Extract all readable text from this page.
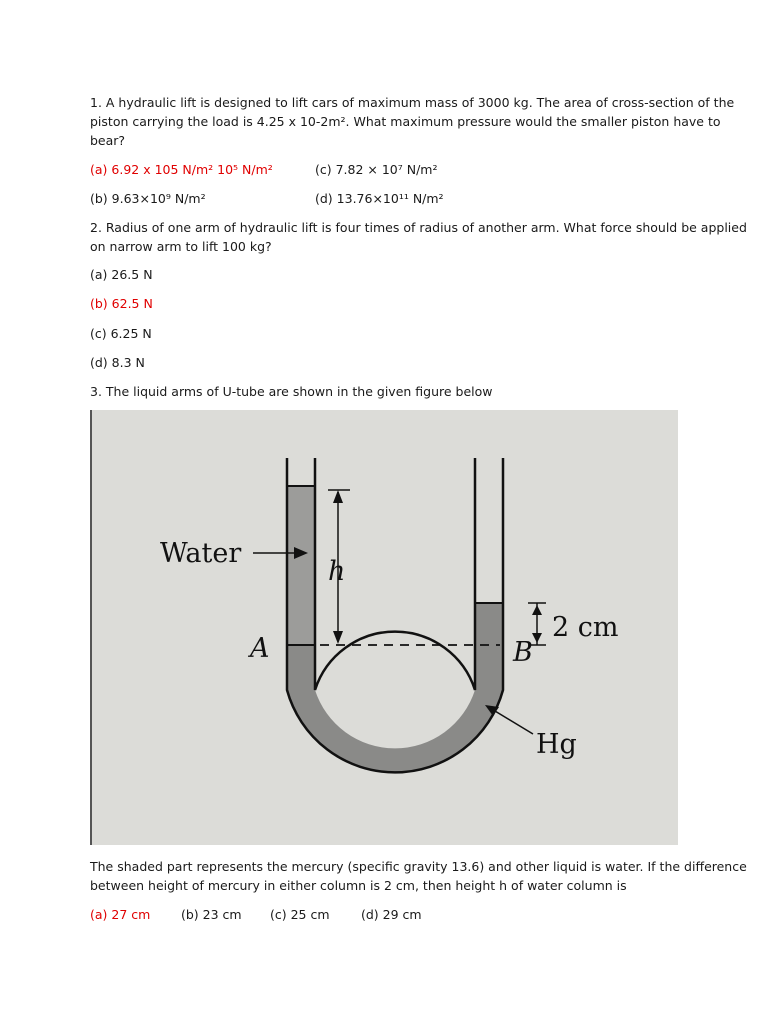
1. A hydraulic lift is designed to lift cars of maximum mass of 3000 kg. The area of cross-section of the
piston carrying the load is 4.25 x 10-2m². What maximum pressure would the smaller piston have to
bear?
(a) 6.92 x 105 N/m² 10⁵ N/m²	(c) 7.82 × 10⁷ N/m²
(b) 9.63×10⁹ N/m²	(d) 13.76×10¹¹ N/m²
2. Radius of one arm of hydraulic lift is four times of radius of another arm. What force should be applied
on narrow arm to lift 100 kg?
(a) 26.5 N
(b) 62.5 N
(c) 6.25 N
(d) 8.3 N
3. The liquid arms of U-tube are shown in the given figure below
Water
h
A	B
2 cm
Hg
The shaded part represents the mercury (specific gravity 13.6) and other liquid is water. If the difference
between height of mercury in either column is 2 cm, then height h of water column is
(a) 27 cm (b) 23 cm (c) 25 cm	(d) 29 cm
